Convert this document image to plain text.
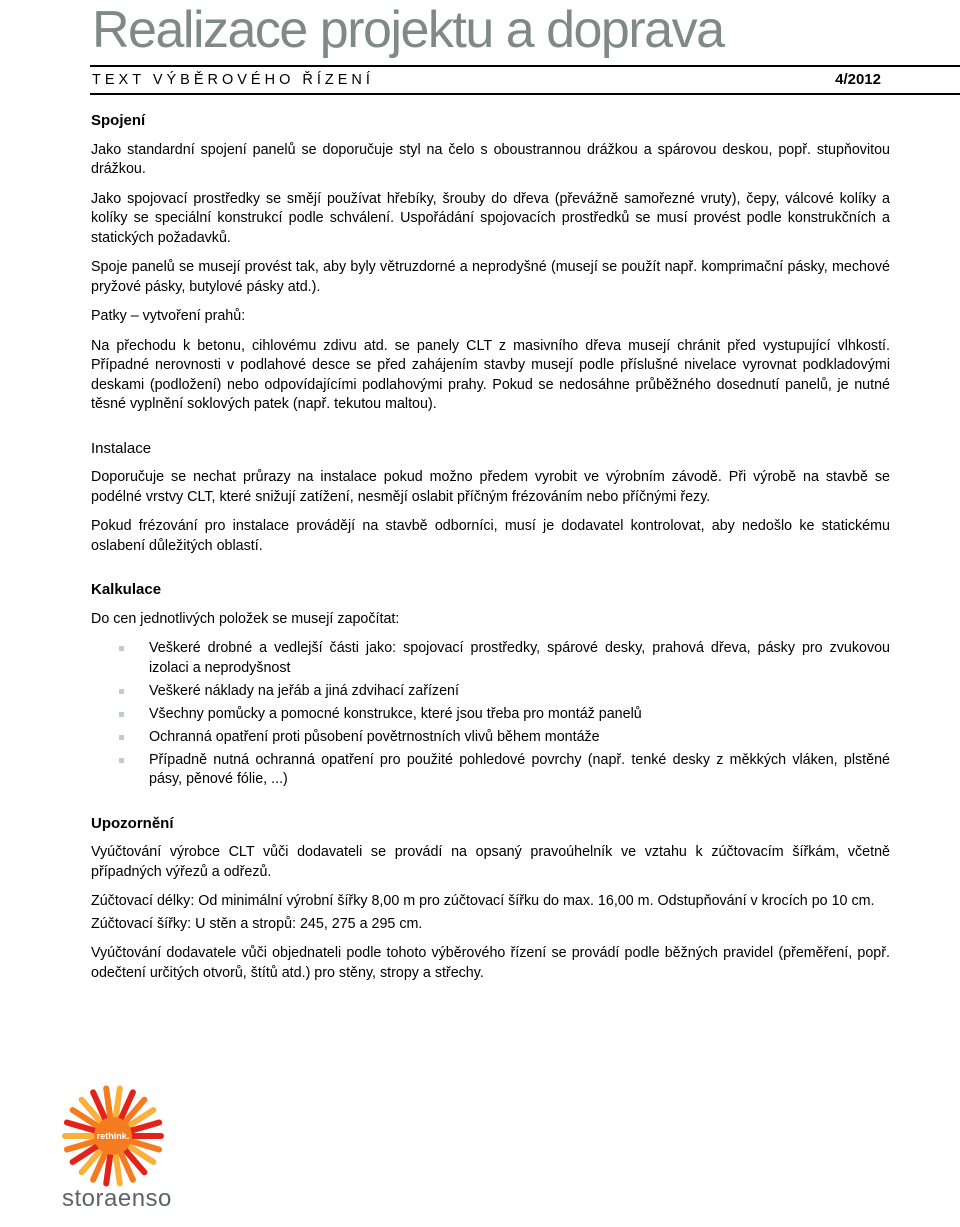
Realizace projektu a doprava
TEXT VÝBĚROVÉHO ŘÍZENÍ	4/2012
Spojení

Jako standardní spojení panelů se doporučuje styl na čelo s oboustrannou drážkou a spárovou deskou, popř. stupňovitou drážkou.

Jako spojovací prostředky se smějí používat hřebíky, šrouby do dřeva (převážně samořezné vruty), čepy, válcové kolíky a kolíky se speciální konstrukcí podle schválení. Uspořádání spojovacích prostředků se musí provést podle konstrukčních a statických požadavků.

Spoje panelů se musejí provést tak, aby byly větruzdorné a neprodyšné (musejí se použít např. komprimační pásky, mechové pryžové pásky, butylové pásky atd.).

Patky – vytvoření prahů:

Na přechodu k betonu, cihlovému zdivu atd. se panely CLT z masivního dřeva musejí chránit před vystupující vlhkostí. Případné nerovnosti v podlahové desce se před zahájením stavby musejí podle příslušné nivelace vyrovnat podkladovými deskami (podložení) nebo odpovídajícími podlahovými prahy. Pokud se nedosáhne průběžného dosednutí panelů, je nutné těsné vyplnění soklových patek (např. tekutou maltou).

Instalace

Doporučuje se nechat průrazy na instalace pokud možno předem vyrobit ve výrobním závodě. Při výrobě na stavbě se podélné vrstvy CLT, které snižují zatížení, nesmějí oslabit příčným frézováním nebo příčnými řezy.

Pokud frézování pro instalace provádějí na stavbě odborníci, musí je dodavatel kontrolovat, aby nedošlo ke statickému oslabení důležitých oblastí.

Kalkulace

Do cen jednotlivých položek se musejí započítat:

Veškeré drobné a vedlejší části jako: spojovací prostředky, spárové desky, prahová dřeva, pásky pro zvukovou izolaci a neprodyšnost
Veškeré náklady na jeřáb a jiná zdvihací zařízení
Všechny pomůcky a pomocné konstrukce, které jsou třeba pro montáž panelů
Ochranná opatření proti působení povětrnostních vlivů během montáže
Případně nutná ochranná opatření pro použité pohledové povrchy (např. tenké desky z měkkých vláken, plstěné pásy, pěnové fólie, ...)
Upozornění

Vyúčtování výrobce CLT vůči dodavateli se provádí na opsaný pravoúhelník ve vztahu k zúčtovacím šířkám, včetně případných výřezů a odřezů.

Zúčtovací délky: Od minimální výrobní šířky 8,00 m pro zúčtovací šířku do max. 16,00 m. Odstupňování v krocích po 10 cm.

Zúčtovací šířky: U stěn a stropů: 245, 275 a 295 cm.

Vyúčtování dodavatele vůči objednateli podle tohoto výběrového řízení se provádí podle běžných pravidel (přeměření, popř. odečtení určitých otvorů, štítů atd.) pro stěny, stropy a střechy.

rethink.
storaenso
